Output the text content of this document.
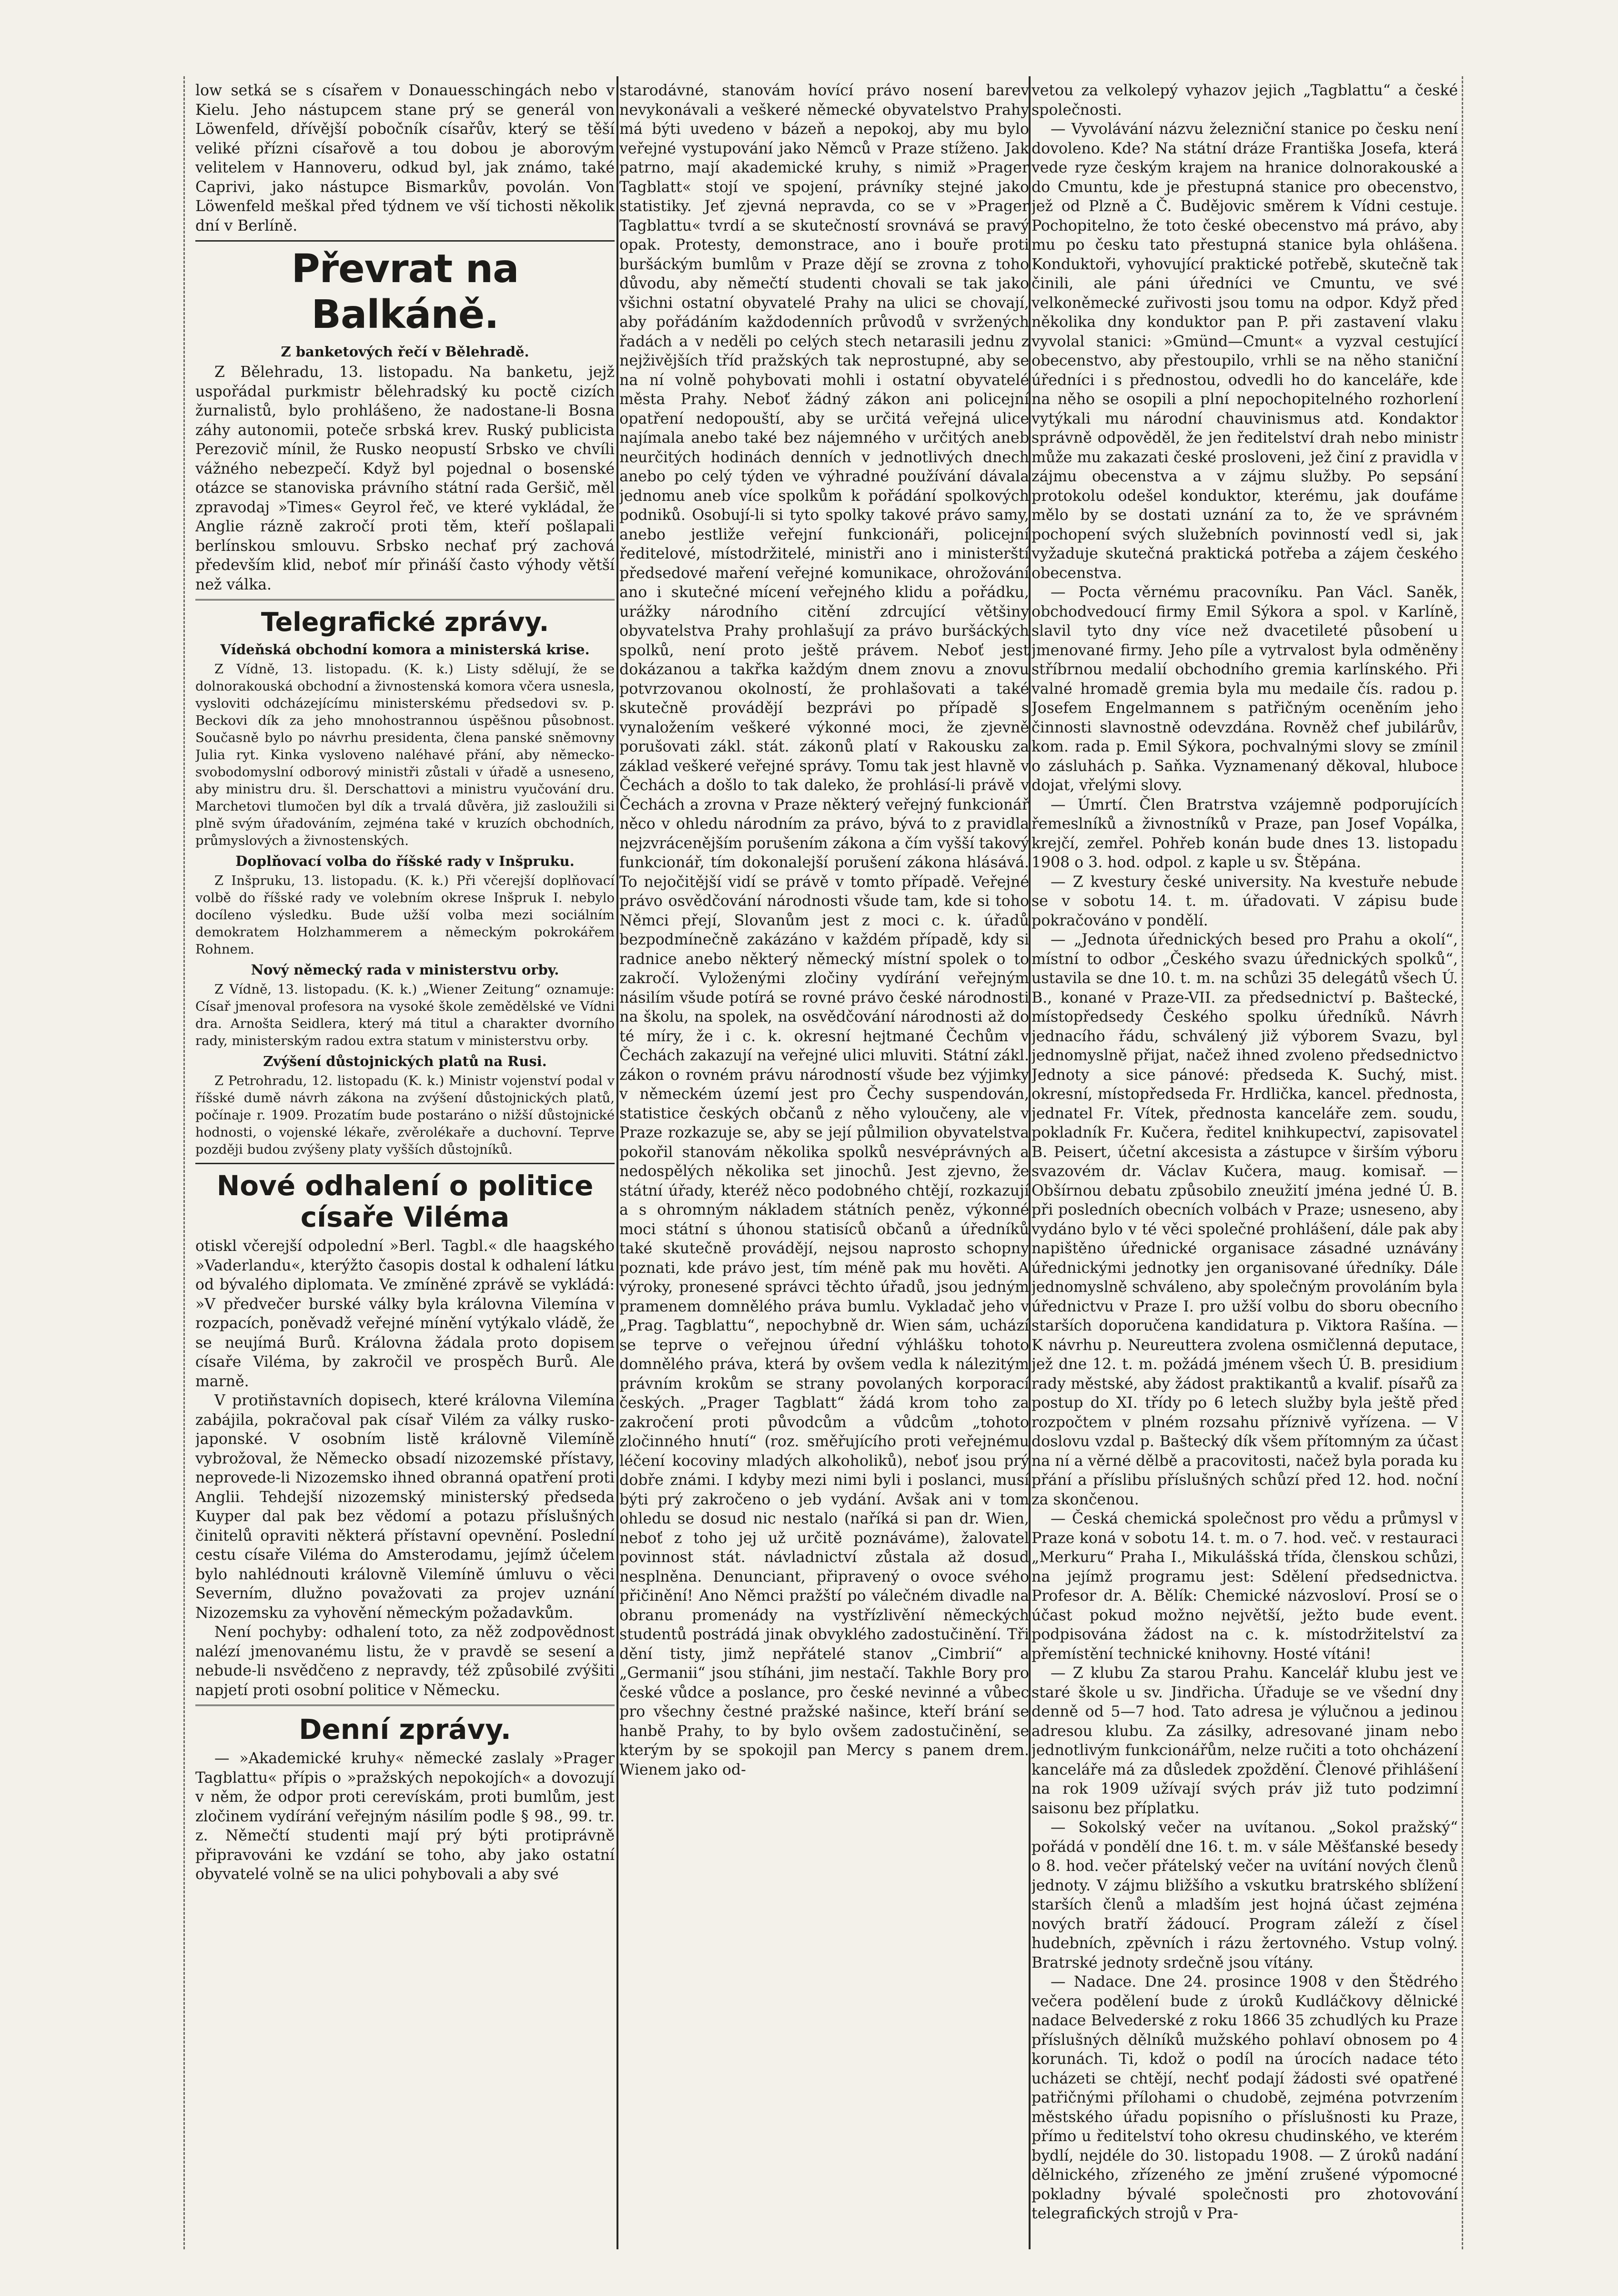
low setká se s císařem v Donauesschingách nebo v Kielu. Jeho nástupcem stane prý se generál von Löwenfeld, dřívější pobočník císařův, který se těší veliké přízni císařově a tou dobou je aborovým velitelem v Hannoveru, odkud byl, jak známo, také Caprivi, jako nástupce Bismarkův, povolán. Von Löwenfeld meškal před týdnem ve vší tichosti několik dní v Berlíně.

Převrat na Balkáně.
Z banketových řečí v Bělehradě.

Z Bělehradu, 13. listopadu. Na banketu, jejž uspořádal purkmistr bělehradský ku poctě cizích žurnalistů, bylo prohlášeno, že nadostane-li Bosna záhy autonomii, poteče srbská krev. Ruský publicista Perezovič mínil, že Rusko neopustí Srbsko ve chvíli vážného nebezpečí. Když byl pojednal o bosenské otázce se stanoviska právního státní rada Geršič, měl zpravodaj »Times« Geyrol řeč, ve které vykládal, že Anglie rázně zakročí proti těm, kteří pošlapali berlínskou smlouvu. Srbsko nechať prý zachová především klid, neboť mír přináší často výhody větší než válka.

Telegrafické zprávy.
Vídeňská obchodní komora a ministerská krise.

Z Vídně, 13. listopadu. (K. k.) Listy sdělují, že se dolnorakouská obchodní a živnostenská komora včera usnesla, vysloviti odcházejícímu ministerskému předsedovi sv. p. Beckovi dík za jeho mnohostrannou úspěšnou působnost. Současně bylo po návrhu presidenta, člena panské sněmovny Julia ryt. Kinka vysloveno naléhavé přání, aby německo-svobodomyslní odborový ministři zůstali v úřadě a usneseno, aby ministru dru. šl. Derschattovi a ministru vyučování dru. Marchetovi tlumočen byl dík a trvalá důvěra, již zasloužili si plně svým úřadováním, zejména také v kruzích obchodních, průmyslových a živnostenských.

Doplňovací volba do říšské rady v Inšpruku.

Z Inšpruku, 13. listopadu. (K. k.) Při včerejší doplňovací volbě do říšské rady ve volebním okrese Inšpruk I. nebylo docíleno výsledku. Bude užší volba mezi sociálním demokratem Holzhammerem a německým pokrokářem Rohnem.

Nový německý rada v ministerstvu orby.

Z Vídně, 13. listopadu. (K. k.) „Wiener Zeitung“ oznamuje: Císař jmenoval profesora na vysoké škole zemědělské ve Vídni dra. Arnošta Seidlera, který má titul a charakter dvorního rady, ministerským radou extra statum v ministerstvu orby.

Zvýšení důstojnických platů na Rusi.

Z Petrohradu, 12. listopadu (K. k.) Ministr vojenství podal v říšské dumě návrh zákona na zvýšení důstojnických platů, počínaje r. 1909. Prozatím bude postaráno o nižší důstojnické hodnosti, o vojenské lékaře, zvěrolékaře a duchovní. Teprve později budou zvýšeny platy vyšších důstojníků.

Nové odhalení o politice císaře Viléma

otiskl včerejší odpolední »Berl. Tagbl.« dle haagského »Vaderlandu«, kterýžto časopis dostal k odhalení látku od bývalého diplomata. Ve zmíněné zprávě se vykládá: »V předvečer burské války byla královna Vilemína v rozpacích, poněvadž veřejné mínění vytýkalo vládě, že se neujímá Burů. Královna žádala proto dopisem císaře Viléma, by zakročil ve prospěch Burů. Ale marně.

V protiňstavních dopisech, které královna Vilemína zabájila, pokračoval pak císař Vilém za války rusko-japonské. V osobním listě královně Vilemíně vybrožoval, že Německo obsadí nizozemské přístavy, neprovede-li Nizozemsko ihned obranná opatření proti Anglii. Tehdejší nizozemský ministerský předseda Kuyper dal pak bez vědomí a potazu příslušných činitelů opraviti některá přístavní opevnění. Poslední cestu císaře Viléma do Amsterodamu, jejímž účelem bylo nahlédnouti královně Vilemíně úmluvu o věci Severním, dlužno považovati za projev uznání Nizozemsku za vyhovění německým požadavkům.

Není pochyby: odhalení toto, za něž zodpovědnost nalézí jmenovanému listu, že v pravdě se sesení a nebude-li nsvědčeno z nepravdy, též způsobilé zvýšiti napjetí proti osobní politice v Německu.

Denní zprávy.

— »Akademické kruhy« německé zaslaly »Prager Tagblattu« přípis o »pražských nepokojích« a dovozují v něm, že odpor proti cerevískám, proti bumlům, jest zločinem vydírání veřejným násilím podle § 98., 99. tr. z. Němečtí studenti mají prý býti protiprávně připravováni ke vzdání se toho, aby jako ostatní obyvatelé volně se na ulici pohybovali a aby své

starodávné, stanovám hovící právo nosení barev nevykonávali a veškeré německé obyvatelstvo Prahy má býti uvedeno v bázeň a nepokoj, aby mu bylo veřejné vystupování jako Němců v Praze stíženo. Jak patrno, mají akademické kruhy, s nimiž »Prager Tagblatt« stojí ve spojení, právníky stejné jako statistiky. Jeť zjevná nepravda, co se v »Prager Tagblattu« tvrdí a se skutečností srovnává se pravý opak. Protesty, demonstrace, ano i bouře proti buršáckým bumlům v Praze dějí se zrovna z toho důvodu, aby němečtí studenti chovali se tak jako všichni ostatní obyvatelé Prahy na ulici se chovají, aby pořádáním každodenních průvodů v svržených řadách a v neděli po celých stech netarasili jednu z nejživějších tříd pražských tak neprostupné, aby se na ní volně pohybovati mohli i ostatní obyvatelé města Prahy. Neboť žádný zákon ani policejní opatření nedopouští, aby se určitá veřejná ulice najímala anebo také bez nájemného v určitých aneb neurčitých hodinách denních v jednotlivých dnech anebo po celý týden ve výhradné používání dávala jednomu aneb více spolkům k pořádání spolkových podniků. Osobují-li si tyto spolky takové právo samy, anebo jestliže veřejní funkcionáři, policejní ředitelové, místodržitelé, ministři ano i ministerští předsedové maření veřejné komunikace, ohrožování ano i skutečné mícení veřejného klidu a pořádku, urážky národního citění zdrcující většiny obyvatelstva Prahy prohlašují za právo buršáckých spolků, není proto ještě právem. Neboť jest dokázanou a takřka každým dnem znovu a znovu potvrzovanou okolností, že prohlašovati a také skutečně provádějí bezprávi po případě s vynaložením veškeré výkonné moci, že zjevně porušovati zákl. stát. zákonů platí v Rakousku za základ veškeré veřejné správy. Tomu tak jest hlavně v Čechách a došlo to tak daleko, že prohlásí-li právě v Čechách a zrovna v Praze některý veřejný funkcionář něco v ohledu národním za právo, bývá to z pravidla nejzvrácenějším porušením zákona a čím vyšší takový funkcionář, tím dokonalejší porušení zákona hlásává. To nejočitější vidí se právě v tomto případě. Veřejné právo osvědčování národnosti všude tam, kde si toho Němci přejí, Slovanům jest z moci c. k. úřadů bezpodmínečně zakázáno v každém případě, kdy si radnice anebo některý německý místní spolek o to zakročí. Vyloženými zločiny vydírání veřejným násilím všude potírá se rovné právo české národnosti na školu, na spolek, na osvědčování národnosti až do té míry, že i c. k. okresní hejtmané Čechům v Čechách zakazují na veřejné ulici mluviti. Státní zákl. zákon o rovném právu národností všude bez výjimky v německém území jest pro Čechy suspendován, statistice českých občanů z něho vyloučeny, ale v Praze rozkazuje se, aby se její půlmilion obyvatelstva pokořil stanovám několika spolků nesvéprávných a nedospělých několika set jinochů. Jest zjevno, že státní úřady, kteréž něco podobného chtějí, rozkazují a s ohromným nákladem státních peněz, výkonné moci státní s úhonou statisíců občanů a úředníků také skutečně provádějí, nejsou naprosto schopny poznati, kde právo jest, tím méně pak mu hověti. A výroky, pronesené správci těchto úřadů, jsou jedným pramenem domnělého práva bumlu. Vykladač jeho v „Prag. Tagblattu“, nepochybně dr. Wien sám, uchází se teprve o veřejnou úřední výhlášku tohoto domnělého práva, která by ovšem vedla k nálezitým právním krokům se strany povolaných korporací českých. „Prager Tagblatt“ žádá krom toho za zakročení proti původcům a vůdcům „tohoto zločinného hnutí“ (roz. směřujícího proti veřejnému léčení kocoviny mladých alkoholiků), neboť jsou prý dobře známi. I kdyby mezi nimi byli i poslanci, musí býti prý zakročeno o jeb vydání. Avšak ani v tom ohledu se dosud nic nestalo (naříká si pan dr. Wien, neboť z toho jej už určitě poznáváme), žalovatel povinnost stát. návladnictví zůstala až dosud nesplněna. Denunciant, připravený o ovoce svého přičinění! Ano Němci pražští po válečném divadle na obranu promenády na vystřízlivění německých studentů postrádá jinak obvyklého zadostučinění. Tři dění tisty, jimž nepřátelé stanov „Cimbrií“ a „Germanii“ jsou stíháni, jim nestačí. Takhle Bory pro české vůdce a poslance, pro české nevinné a vůbec pro všechny čestné pražské našince, kteří brání se hanbě Prahy, to by bylo ovšem zadostučinění, se kterým by se spokojil pan Mercy s panem drem. Wienem jako od-

vetou za velkolepý vyhazov jejich „Tagblattu“ a české společnosti.

— Vyvolávání názvu železniční stanice po česku není dovoleno. Kde? Na státní dráze Františka Josefa, která vede ryze českým krajem na hranice dolnorakouské a do Cmuntu, kde je přestupná stanice pro obecenstvo, jež od Plzně a Č. Budějovic směrem k Vídni cestuje. Pochopitelno, že toto české obecenstvo má právo, aby mu po česku tato přestupná stanice byla ohlášena. Konduktoři, vyhovující praktické potřebě, skutečně tak činili, ale páni úředníci ve Cmuntu, ve své velkoněmecké zuřivosti jsou tomu na odpor. Když před několika dny konduktor pan P. při zastavení vlaku vyvolal stanici: »Gmünd—Cmunt« a vyzval cestující obecenstvo, aby přestoupilo, vrhli se na něho staniční úředníci i s přednostou, odvedli ho do kanceláře, kde na něho se osopili a plní nepochopitelného rozhorlení vytýkali mu národní chauvinismus atd. Kondaktor správně odpověděl, že jen ředitelství drah nebo ministr může mu zakazati české prosloveni, jež činí z pravidla v zájmu obecenstva a v zájmu služby. Po sepsání protokolu odešel konduktor, kterému, jak doufáme mělo by se dostati uznání za to, že ve správném pochopení svých služebních povinností vedl si, jak vyžaduje skutečná praktická potřeba a zájem českého obecenstva.

— Pocta věrnému pracovníku. Pan Václ. Saněk, obchodvedoucí firmy Emil Sýkora a spol. v Karlíně, slavil tyto dny více než dvacetileté působení u jmenované firmy. Jeho píle a vytrvalost byla odměněny stříbrnou medalií obchodního gremia karlínského. Při valné hromadě gremia byla mu medaile čís. radou p. Josefem Engelmannem s patřičným oceněním jeho činnosti slavnostně odevzdána. Rovněž chef jubilárův, kom. rada p. Emil Sýkora, pochvalnými slovy se zmínil o zásluhách p. Saňka. Vyznamenaný děkoval, hluboce dojat, vřelými slovy.

— Úmrtí. Člen Bratrstva vzájemně podporujících řemeslníků a živnostníků v Praze, pan Josef Vopálka, krejčí, zemřel. Pohřeb konán bude dnes 13. listopadu 1908 o 3. hod. odpol. z kaple u sv. Štěpána.

— Z kvestury české university. Na kvestuře nebude se v sobotu 14. t. m. úřadovati. V zápisu bude pokračováno v pondělí.

— „Jednota úřednických besed pro Prahu a okolí“, místní to odbor „Českého svazu úřednických spolků“, ustavila se dne 10. t. m. na schůzi 35 delegátů všech Ú. B., konané v Praze-VII. za předsednictví p. Baštecké, místopředsedy Českého spolku úředníků. Návrh jednacího řádu, schválený již výborem Svazu, byl jednomyslně přijat, načež ihned zvoleno předsednictvo Jednoty a sice pánové: předseda K. Suchý, mist. okresní, místopředseda Fr. Hrdlička, kancel. přednosta, jednatel Fr. Vítek, přednosta kanceláře zem. soudu, pokladník Fr. Kučera, ředitel knihkupectví, zapisovatel B. Peisert, účetní akcesista a zástupce v širším výboru svazovém dr. Václav Kučera, maug. komisař. — Obšírnou debatu způsobilo zneužití jména jedné Ú. B. při posledních obecních volbách v Praze; usneseno, aby vydáno bylo v té věci společné prohlášení, dále pak aby napištěno úřednické organisace zásadné uznávány úřednickými jednotky jen organisované úředníky. Dále jednomyslně schváleno, aby společným provoláním byla úřednictvu v Praze I. pro užší volbu do sboru obecního starších doporučena kandidatura p. Viktora Rašína. — K návrhu p. Neureuttera zvolena osmičlenná deputace, jež dne 12. t. m. požádá jménem všech Ú. B. presidium rady městské, aby žádost praktikantů a kvalif. písařů za postup do XI. třídy po 6 letech služby byla ještě před rozpočtem v plném rozsahu příznivě vyřízena. — V doslovu vzdal p. Baštecký dík všem přítomným za účast na ní a věrné dělbě a pracovitosti, načež byla porada ku přání a příslibu příslušných schůzí před 12. hod. noční za skončenou.

— Česká chemická společnost pro vědu a průmysl v Praze koná v sobotu 14. t. m. o 7. hod. več. v restauraci „Merkuru“ Praha I., Mikulášská třída, členskou schůzi, na jejímž programu jest: Sdělení předsednictva. Profesor dr. A. Bělík: Chemické názvosloví. Prosí se o účast pokud možno největší, ježto bude event. podpisována žádost na c. k. místodržitelství za přemístění technické knihovny. Hosté vítáni!

— Z klubu Za starou Prahu. Kancelář klubu jest ve staré škole u sv. Jindřicha. Úřaduje se ve všední dny denně od 5—7 hod. Tato adresa je výlučnou a jedinou adresou klubu. Za zásilky, adresované jinam nebo jednotlivým funkcionářům, nelze ručiti a toto ohcházení kanceláře má za důsledek zpoždění. Členové přihlášení na rok 1909 užívají svých práv již tuto podzimní saisonu bez příplatku.

— Sokolský večer na uvítanou. „Sokol pražský“ pořádá v pondělí dne 16. t. m. v sále Měšťanské besedy o 8. hod. večer přátelský večer na uvítání nových členů jednoty. V zájmu bližšího a vskutku bratrského sblížení starších členů a mladším jest hojná účast zejména nových bratří žádoucí. Program záleží z čísel hudebních, zpěvních i rázu žertovného. Vstup volný. Bratrské jednoty srdečně jsou vítány.

— Nadace. Dne 24. prosince 1908 v den Štědrého večera podělení bude z úroků Kudláčkovy dělnické nadace Belvederské z roku 1866 35 zchudlých ku Praze příslušných dělníků mužského pohlaví obnosem po 4 korunách. Ti, kdož o podíl na úrocích nadace této ucházeti se chtějí, nechť podají žádosti své opatřené patřičnými přílohami o chudobě, zejména potvrzením městského úřadu popisního o příslušnosti ku Praze, přímo u ředitelství toho okresu chudinského, ve kterém bydlí, nejdéle do 30. listopadu 1908. — Z úroků nadání dělnického, zřízeného ze jmění zrušené výpomocné pokladny bývalé společnosti pro zhotovování telegrafických strojů v Pra-
